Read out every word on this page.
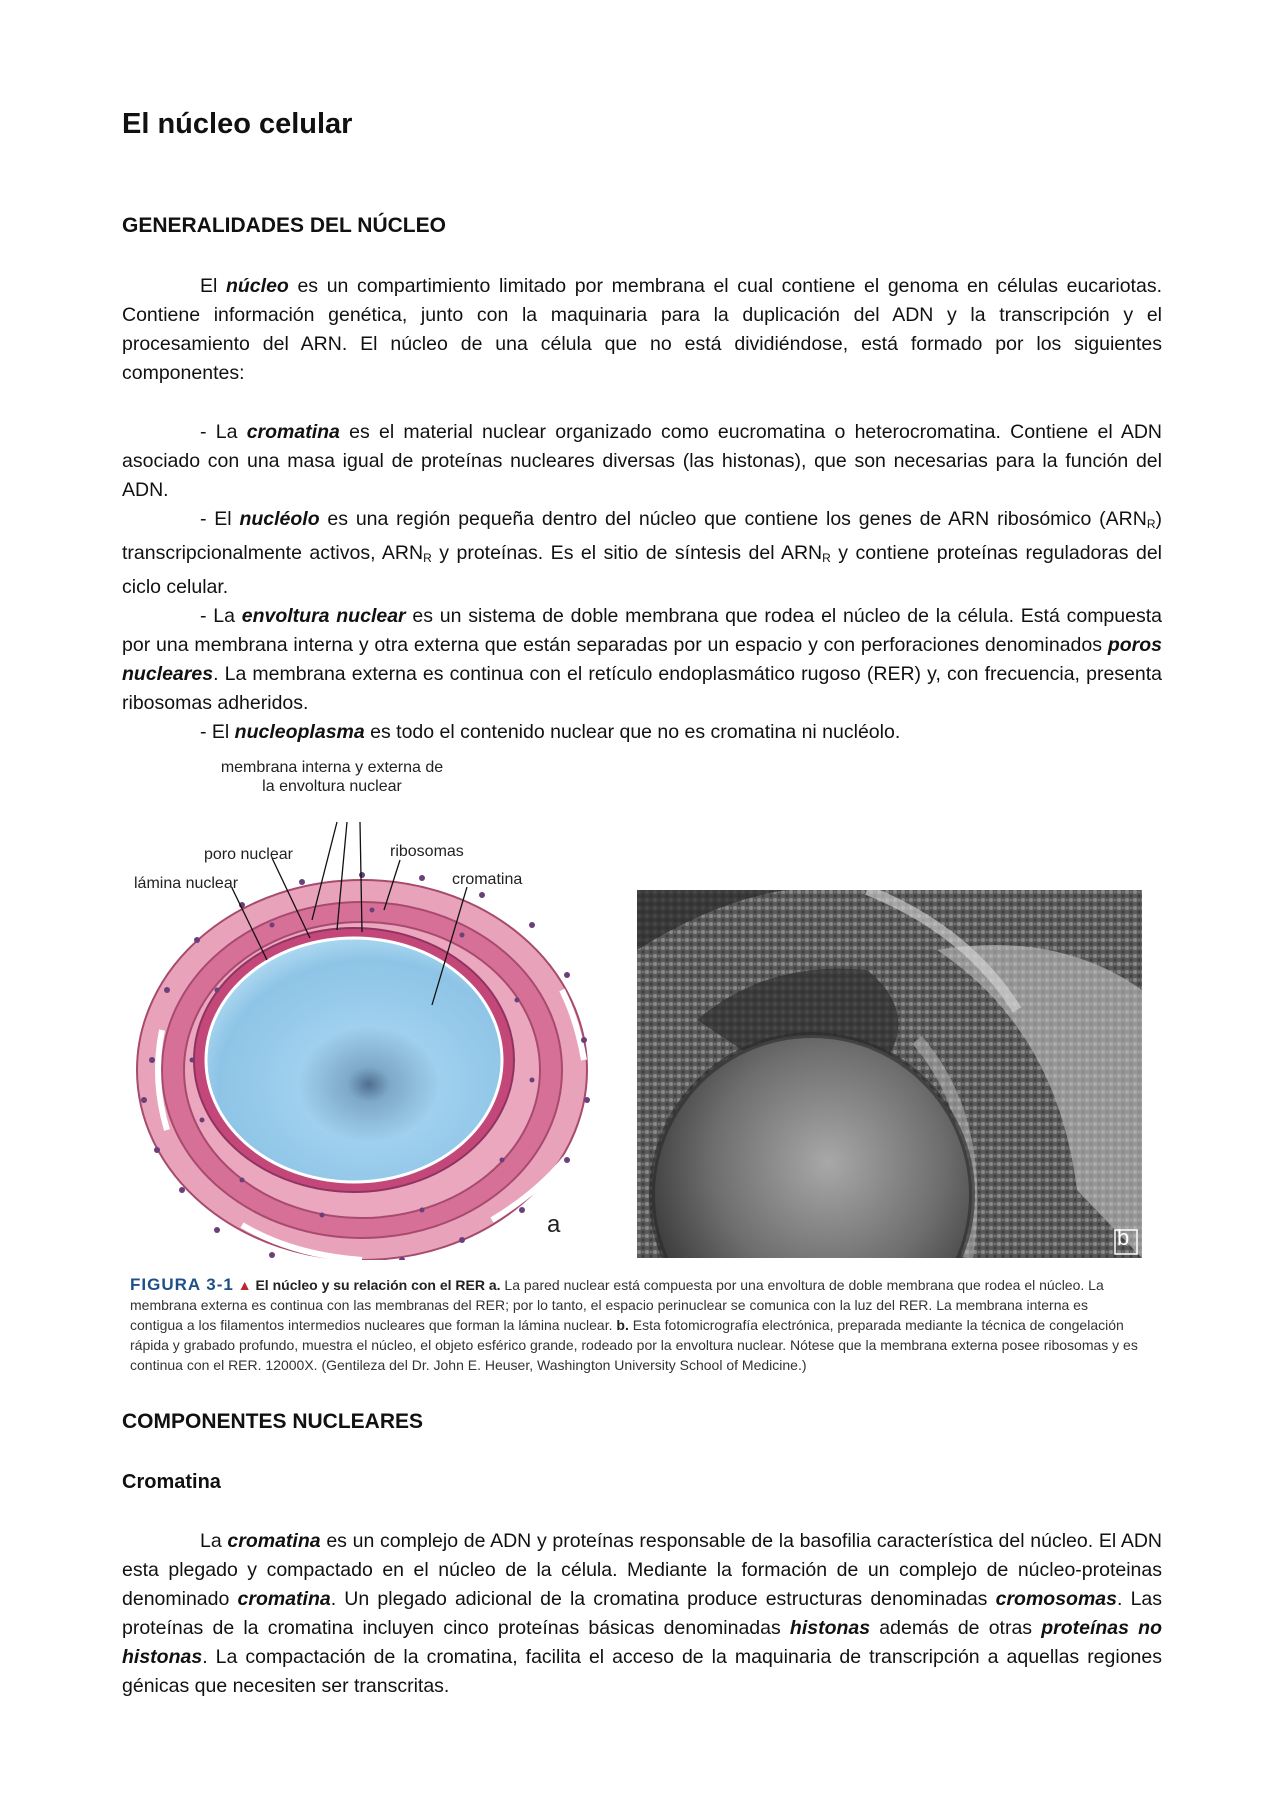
El núcleo celular
GENERALIDADES DEL NÚCLEO

El núcleo es un compartimiento limitado por membrana el cual contiene el genoma en células eucariotas. Contiene información genética, junto con la maquinaria para la duplicación del ADN y la transcripción y el procesamiento del ARN. El núcleo de una célula que no está dividiéndose, está formado por los siguientes componentes:

- La cromatina es el material nuclear organizado como eucromatina o heterocromatina. Contiene el ADN asociado con una masa igual de proteínas nucleares diversas (las histonas), que son necesarias para la función del ADN.

- El nucléolo es una región pequeña dentro del núcleo que contiene los genes de ARN ribosómico $(ARN_R)$ transcripcionalmente activos, $ARN_R$ y proteínas. Es el sitio de síntesis del $ARN_R$ y contiene proteínas reguladoras del ciclo celular.

- La envoltura nuclear es un sistema de doble membrana que rodea el núcleo de la célula. Está compuesta por una membrana interna y otra externa que están separadas por un espacio y con perforaciones denominados poros nucleares. La membrana externa es continua con el retículo endoplasmático rugoso (RER) y, con frecuencia, presenta ribosomas adheridos.

- El nucleoplasma es todo el contenido nuclear que no es cromatina ni nucléolo.

membrana interna y externa de la envoltura nuclear
poro nuclear	ribosomas
lámina nuclear	cromatina
a	b
FIGURA 3-1 ▲ El núcleo y su relación con el RER a. La pared nuclear está compuesta por una envoltura de doble membrana que rodea el núcleo. La membrana externa es continua con las membranas del RER; por lo tanto, el espacio perinuclear se comunica con la luz del RER. La membrana interna es contigua a los filamentos intermedios nucleares que forman la lámina nuclear. b. Esta fotomicrografía electrónica, preparada mediante la técnica de congelación rápida y grabado profundo, muestra el núcleo, el objeto esférico grande, rodeado por la envoltura nuclear. Nótese que la membrana externa posee ribosomas y es continua con el RER. 12000X. (Gentileza del Dr. John E. Heuser, Washington University School of Medicine.)
COMPONENTES NUCLEARES
Cromatina

La cromatina es un complejo de ADN y proteínas responsable de la basofilia característica del núcleo. El ADN esta plegado y compactado en el núcleo de la célula. Mediante la formación de un complejo de núcleo-proteinas denominado cromatina. Un plegado adicional de la cromatina produce estructuras denominadas cromosomas. Las proteínas de la cromatina incluyen cinco proteínas básicas denominadas histonas además de otras proteínas no histonas. La compactación de la cromatina, facilita el acceso de la maquinaria de transcripción a aquellas regiones génicas que necesiten ser transcritas.
